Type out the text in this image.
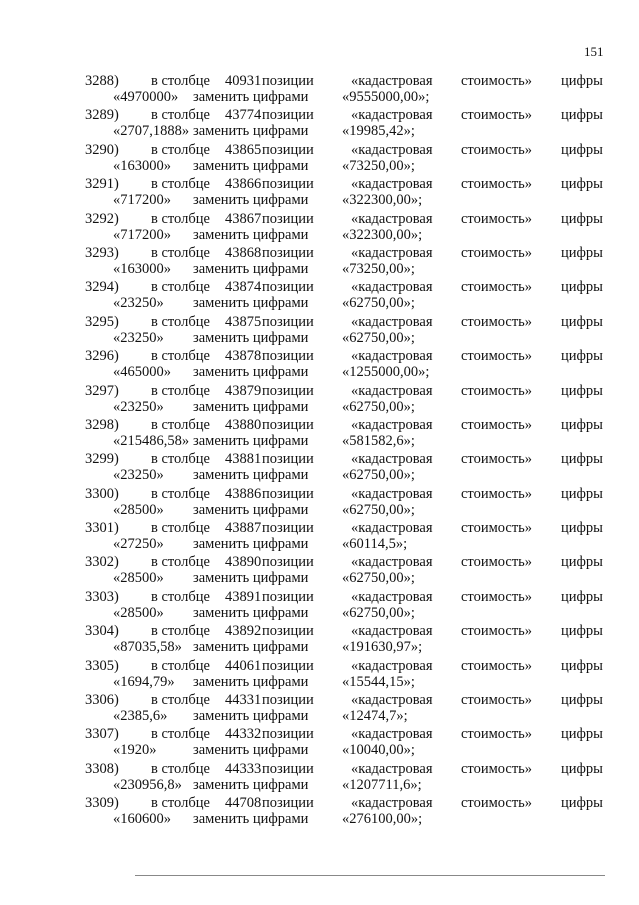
151
3288) в столбце 40931 позиции	«кадастровая стоимость» цифры
«4970000» заменить цифрами «9555000,00»;
3289) в столбце 43774 позиции	«кадастровая стоимость» цифры
«2707,1888» заменить цифрами «19985,42»;
3290) в столбце 43865 позиции	«кадастровая стоимость» цифры
«163000» заменить цифрами «73250,00»;
3291) в столбце 43866 позиции	«кадастровая стоимость» цифры
«717200» заменить цифрами «322300,00»;
3292) в столбце 43867 позиции	«кадастровая стоимость» цифры
«717200» заменить цифрами «322300,00»;
3293) в столбце 43868 позиции	«кадастровая стоимость» цифры
«163000» заменить цифрами «73250,00»;
3294) в столбце 43874 позиции	«кадастровая стоимость» цифры
«23250» заменить цифрами «62750,00»;
3295) в столбце 43875 позиции	«кадастровая стоимость» цифры
«23250» заменить цифрами «62750,00»;
3296) в столбце 43878 позиции	«кадастровая стоимость» цифры
«465000» заменить цифрами «1255000,00»;
3297) в столбце 43879 позиции	«кадастровая стоимость» цифры
«23250» заменить цифрами «62750,00»;
3298) в столбце 43880 позиции	«кадастровая стоимость» цифры
«215486,58» заменить цифрами «581582,6»;
3299) в столбце 43881 позиции	«кадастровая стоимость» цифры
«23250» заменить цифрами «62750,00»;
3300) в столбце 43886 позиции	«кадастровая стоимость» цифры
«28500» заменить цифрами «62750,00»;
3301) в столбце 43887 позиции	«кадастровая стоимость» цифры
«27250» заменить цифрами «60114,5»;
3302) в столбце 43890 позиции	«кадастровая стоимость» цифры
«28500» заменить цифрами «62750,00»;
3303) в столбце 43891 позиции	«кадастровая стоимость» цифры
«28500» заменить цифрами «62750,00»;
3304) в столбце 43892 позиции	«кадастровая стоимость» цифры
«87035,58» заменить цифрами «191630,97»;
3305) в столбце 44061 позиции	«кадастровая стоимость» цифры
«1694,79» заменить цифрами «15544,15»;
3306) в столбце 44331 позиции	«кадастровая стоимость» цифры
«2385,6» заменить цифрами «12474,7»;
3307) в столбце 44332 позиции	«кадастровая стоимость» цифры
«1920»	заменить цифрами «10040,00»;
3308) в столбце 44333 позиции	«кадастровая стоимость» цифры
«230956,8» заменить цифрами «1207711,6»;
3309) в столбце 44708 позиции	«кадастровая стоимость» цифры
«160600» заменить цифрами «276100,00»;
